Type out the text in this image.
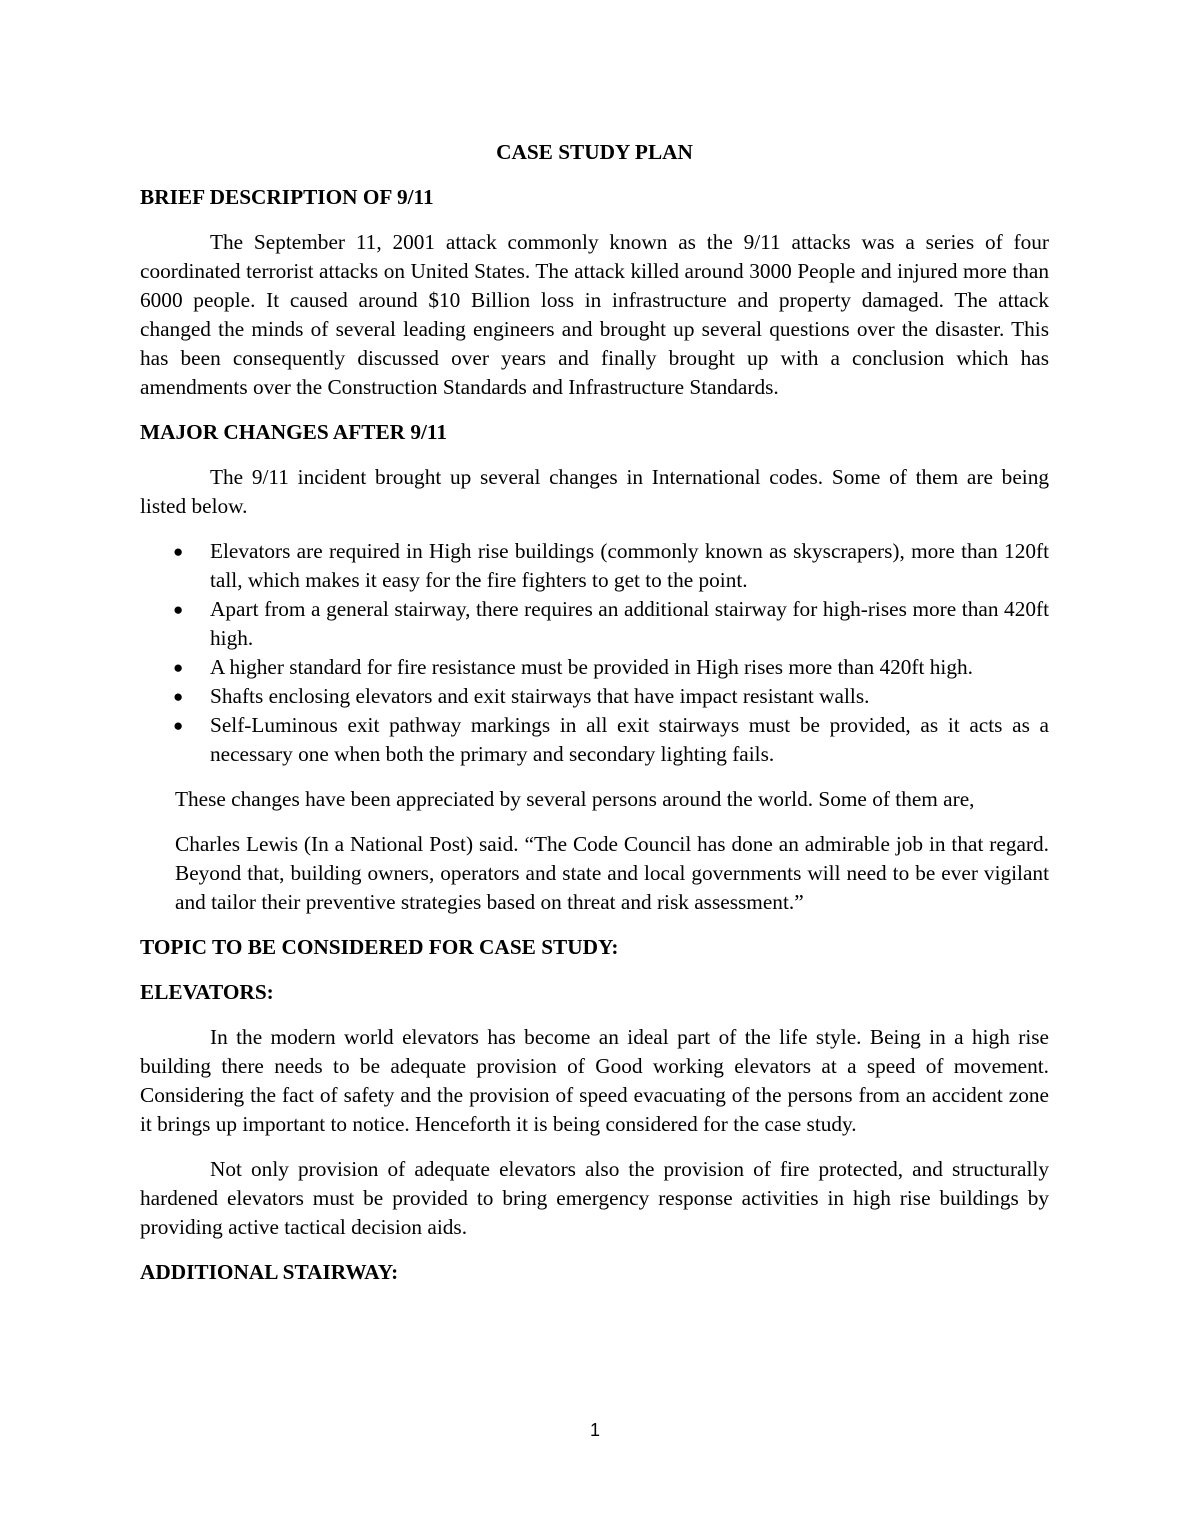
CASE STUDY PLAN
BRIEF DESCRIPTION OF 9/11

The September 11, 2001 attack commonly known as the 9/11 attacks was a series of four coordinated terrorist attacks on United States. The attack killed around 3000 People and injured more than 6000 people. It caused around $10 Billion loss in infrastructure and property damaged. The attack changed the minds of several leading engineers and brought up several questions over the disaster. This has been consequently discussed over years and finally brought up with a conclusion which has amendments over the Construction Standards and Infrastructure Standards.

MAJOR CHANGES AFTER 9/11

The 9/11 incident brought up several changes in International codes. Some of them are being listed below.

● Elevators are required in High rise buildings (commonly known as skyscrapers), more than 120ft tall, which makes it easy for the fire fighters to get to the point.
● Apart from a general stairway, there requires an additional stairway for high-rises more than 420ft high.
● A higher standard for fire resistance must be provided in High rises more than 420ft high.
● Shafts enclosing elevators and exit stairways that have impact resistant walls.
● Self-Luminous exit pathway markings in all exit stairways must be provided, as it acts as a necessary one when both the primary and secondary lighting fails.

These changes have been appreciated by several persons around the world. Some of them are,

Charles Lewis (In a National Post) said. “The Code Council has done an admirable job in that regard. Beyond that, building owners, operators and state and local governments will need to be ever vigilant and tailor their preventive strategies based on threat and risk assessment.”

TOPIC TO BE CONSIDERED FOR CASE STUDY:
ELEVATORS:

In the modern world elevators has become an ideal part of the life style. Being in a high rise building there needs to be adequate provision of Good working elevators at a speed of movement. Considering the fact of safety and the provision of speed evacuating of the persons from an accident zone it brings up important to notice. Henceforth it is being considered for the case study.

Not only provision of adequate elevators also the provision of fire protected, and structurally hardened elevators must be provided to bring emergency response activities in high rise buildings by providing active tactical decision aids.

ADDITIONAL STAIRWAY:
1
